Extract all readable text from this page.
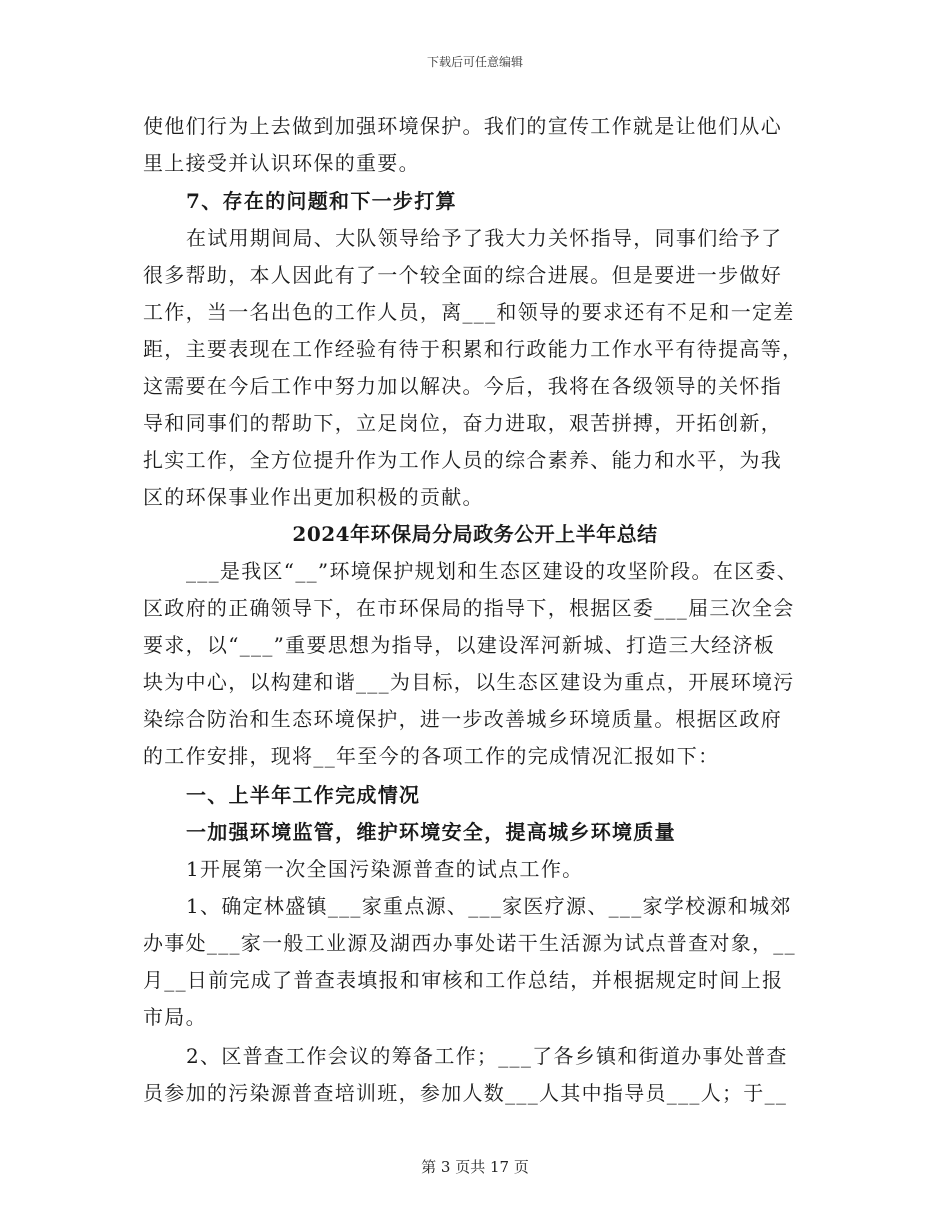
下载后可任意编辑
使他们行为上去做到加强环境保护。我们的宣传工作就是让他们从心
里上接受并认识环保的重要。
7、存在的问题和下一步打算
在试用期间局、大队领导给予了我大力关怀指导，同事们给予了
很多帮助，本人因此有了一个较全面的综合进展。但是要进一步做好
工作，当一名出色的工作人员，离___和领导的要求还有不足和一定差
距，主要表现在工作经验有待于积累和行政能力工作水平有待提高等，
这需要在今后工作中努力加以解决。今后，我将在各级领导的关怀指
导和同事们的帮助下，立足岗位，奋力进取，艰苦拼搏，开拓创新，
扎实工作，全方位提升作为工作人员的综合素养、能力和水平，为我
区的环保事业作出更加积极的贡献。
2024年环保局分局政务公开上半年总结
___是我区“__”环境保护规划和生态区建设的攻坚阶段。在区委、
区政府的正确领导下，在市环保局的指导下，根据区委___届三次全会
要求，以“___”重要思想为指导，以建设浑河新城、打造三大经济板
块为中心，以构建和谐___为目标，以生态区建设为重点，开展环境污
染综合防治和生态环境保护，进一步改善城乡环境质量。根据区政府
的工作安排，现将__年至今的各项工作的完成情况汇报如下：
一、上半年工作完成情况
一加强环境监管，维护环境安全，提高城乡环境质量
1开展第一次全国污染源普查的试点工作。
1、确定林盛镇___家重点源、___家医疗源、___家学校源和城郊
办事处___家一般工业源及湖西办事处诺干生活源为试点普查对象，__
月__日前完成了普查表填报和审核和工作总结，并根据规定时间上报
市局。
2、区普查工作会议的筹备工作；___了各乡镇和街道办事处普查
员参加的污染源普查培训班，参加人数___人其中指导员___人；于__
第 3 页共 17 页
